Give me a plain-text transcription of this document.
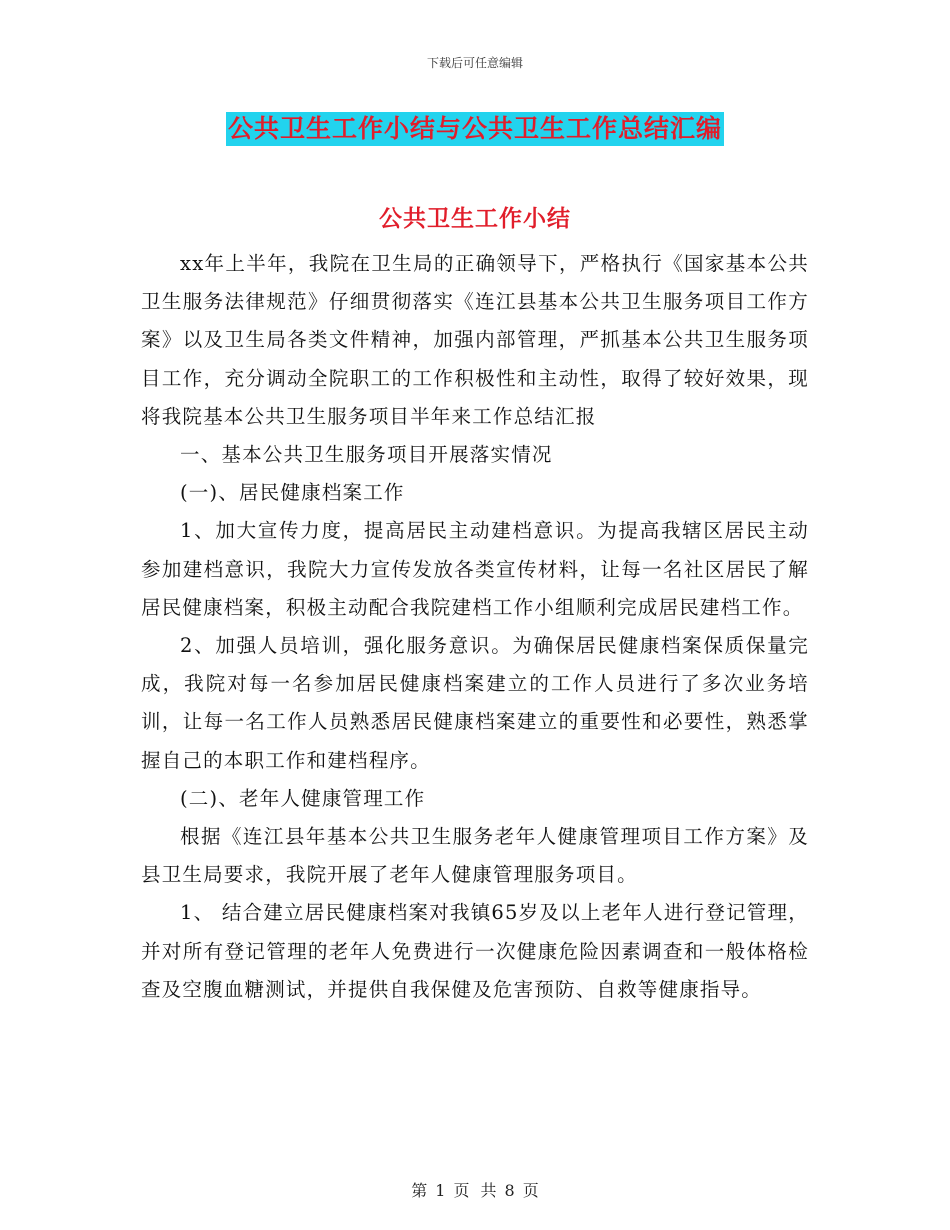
下载后可任意编辑
公共卫生工作小结与公共卫生工作总结汇编
公共卫生工作小结

xx年上半年，我院在卫生局的正确领导下，严格执行《国家基本公共卫生服务法律规范》仔细贯彻落实《连江县基本公共卫生服务项目工作方案》以及卫生局各类文件精神，加强内部管理，严抓基本公共卫生服务项目工作，充分调动全院职工的工作积极性和主动性，取得了较好效果，现将我院基本公共卫生服务项目半年来工作总结汇报

一、基本公共卫生服务项目开展落实情况

(一)、居民健康档案工作

1、加大宣传力度，提高居民主动建档意识。为提高我辖区居民主动参加建档意识，我院大力宣传发放各类宣传材料，让每一名社区居民了解居民健康档案，积极主动配合我院建档工作小组顺利完成居民建档工作。

2、加强人员培训，强化服务意识。为确保居民健康档案保质保量完成，我院对每一名参加居民健康档案建立的工作人员进行了多次业务培训，让每一名工作人员熟悉居民健康档案建立的重要性和必要性，熟悉掌握自己的本职工作和建档程序。

(二)、老年人健康管理工作

根据《连江县年基本公共卫生服务老年人健康管理项目工作方案》及县卫生局要求，我院开展了老年人健康管理服务项目。

1、 结合建立居民健康档案对我镇65岁及以上老年人进行登记管理，并对所有登记管理的老年人免费进行一次健康危险因素调查和一般体格检查及空腹血糖测试，并提供自我保健及危害预防、自救等健康指导。

第 1 页 共 8 页
